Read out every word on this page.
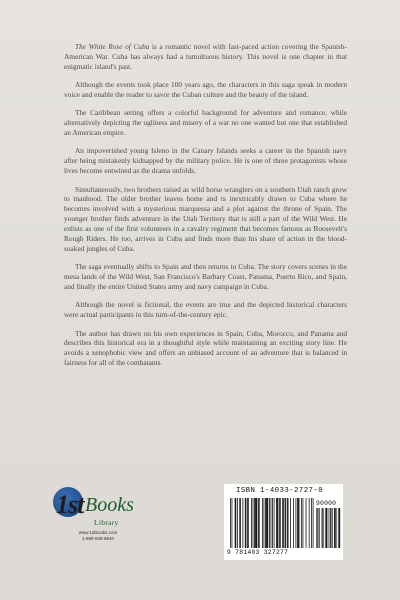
The White Rose of Cuba is a romantic novel with fast-paced action covering the Spanish- American War. Cuba has always had a tumultuous history. This novel is one chapter in that enigmatic island's past.

Although the events took place 100 years ago, the characters in this saga speak in modern voice and enable the reader to savor the Cuban culture and the beauty of the island.

The Caribbean setting offers a colorful background for adventure and romance, while alternatively depicting the ugliness and misery of a war no one wanted but one that established an American empire.

An impoverished young Isleno in the Canary Islands seeks a career in the Spanish navy after being mistakenly kidnapped by the military police. He is one of three protagonists whose lives become entwined as the drama unfolds.

Simultaneously, two brothers raised as wild horse wranglers on a southern Utah ranch grow to manhood. The older brother leaves home and is inextricably drawn to Cuba where he becomes involved with a mysterious marquessa and a plot against the throne of Spain. The younger brother finds adventure in the Utah Territory that is still a part of the Wild West. He enlists as one of the first volunteers in a cavalry regiment that becomes famous as Roosevelt's Rough Riders. He too, arrives in Cuba and finds more than his share of action in the blood-soaked jungles of Cuba.

The saga eventually shifts to Spain and then returns to Cuba. The story covers scenes in the mesa lands of the Wild West, San Francisco's Barbary Coast, Panama, Puerto Rico, and Spain, and finally the entire United States army and navy campaign in Cuba.

Although the novel is fictional, the events are true and the depicted historical characters were actual participants in this turn-of-the-century epic.

The author has drawn on his own experiences in Spain, Cuba, Morocco, and Panama and describes this historical era in a thoughtful style while maintaining an exciting story line. He avoids a xenophobic view and offers an unbiased account of an adventure that is balanced in fairness for all of the combatants.

1st Books
Library
www.1stbooks.com
1-888-839-8640
ISBN 1-4033-2727-0
90000
9 781403 327277
